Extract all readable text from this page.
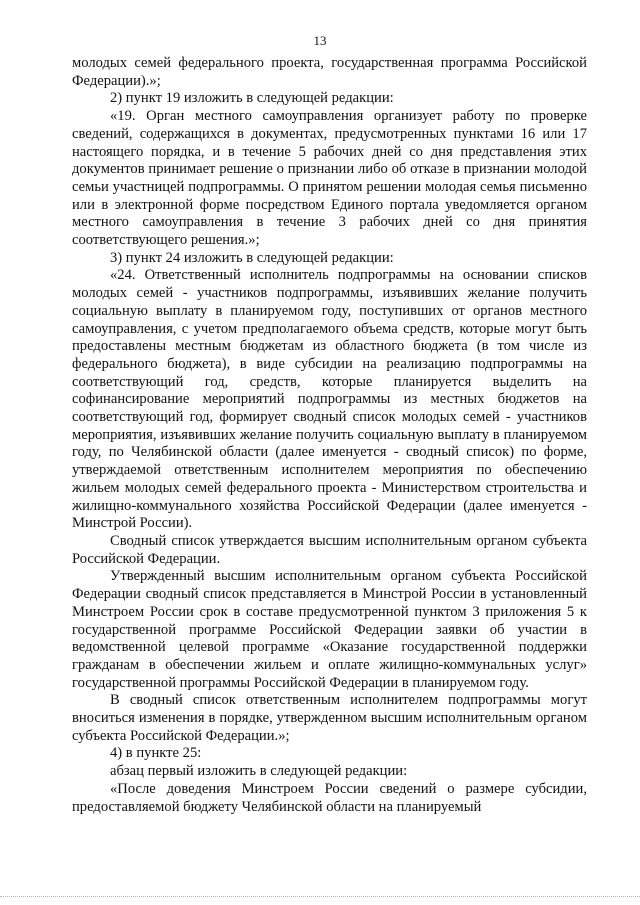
13

молодых семей федерального проекта, государственная программа Российской Федерации).»;

2) пункт 19 изложить в следующей редакции:

«19. Орган местного самоуправления организует работу по проверке сведений, содержащихся в документах, предусмотренных пунктами 16 или 17 настоящего порядка, и в течение 5 рабочих дней со дня представления этих документов принимает решение о признании либо об отказе в признании молодой семьи участницей подпрограммы. О принятом решении молодая семья письменно или в электронной форме посредством Единого портала уведомляется органом местного самоуправления в течение 3 рабочих дней со дня принятия соответствующего решения.»;

3) пункт 24 изложить в следующей редакции:

«24. Ответственный исполнитель подпрограммы на основании списков молодых семей - участников подпрограммы, изъявивших желание получить социальную выплату в планируемом году, поступивших от органов местного самоуправления, с учетом предполагаемого объема средств, которые могут быть предоставлены местным бюджетам из областного бюджета (в том числе из федерального бюджета), в виде субсидии на реализацию подпрограммы на соответствующий год, средств, которые планируется выделить на софинансирование мероприятий подпрограммы из местных бюджетов на соответствующий год, формирует сводный список молодых семей - участников мероприятия, изъявивших желание получить социальную выплату в планируемом году, по Челябинской области (далее именуется - сводный список) по форме, утверждаемой ответственным исполнителем мероприятия по обеспечению жильем молодых семей федерального проекта - Министерством строительства и жилищно-коммунального хозяйства Российской Федерации (далее именуется - Минстрой России).

Сводный список утверждается высшим исполнительным органом субъекта Российской Федерации.

Утвержденный высшим исполнительным органом субъекта Российской Федерации сводный список представляется в Минстрой России в установленный Минстроем России срок в составе предусмотренной пунктом 3 приложения 5 к государственной программе Российской Федерации заявки об участии в ведомственной целевой программе «Оказание государственной поддержки гражданам в обеспечении жильем и оплате жилищно-коммунальных услуг» государственной программы Российской Федерации в планируемом году.

В сводный список ответственным исполнителем подпрограммы могут вноситься изменения в порядке, утвержденном высшим исполнительным органом субъекта Российской Федерации.»;

4) в пункте 25:

абзац первый изложить в следующей редакции:

«После доведения Минстроем России сведений о размере субсидии, предоставляемой бюджету Челябинской области на планируемый
